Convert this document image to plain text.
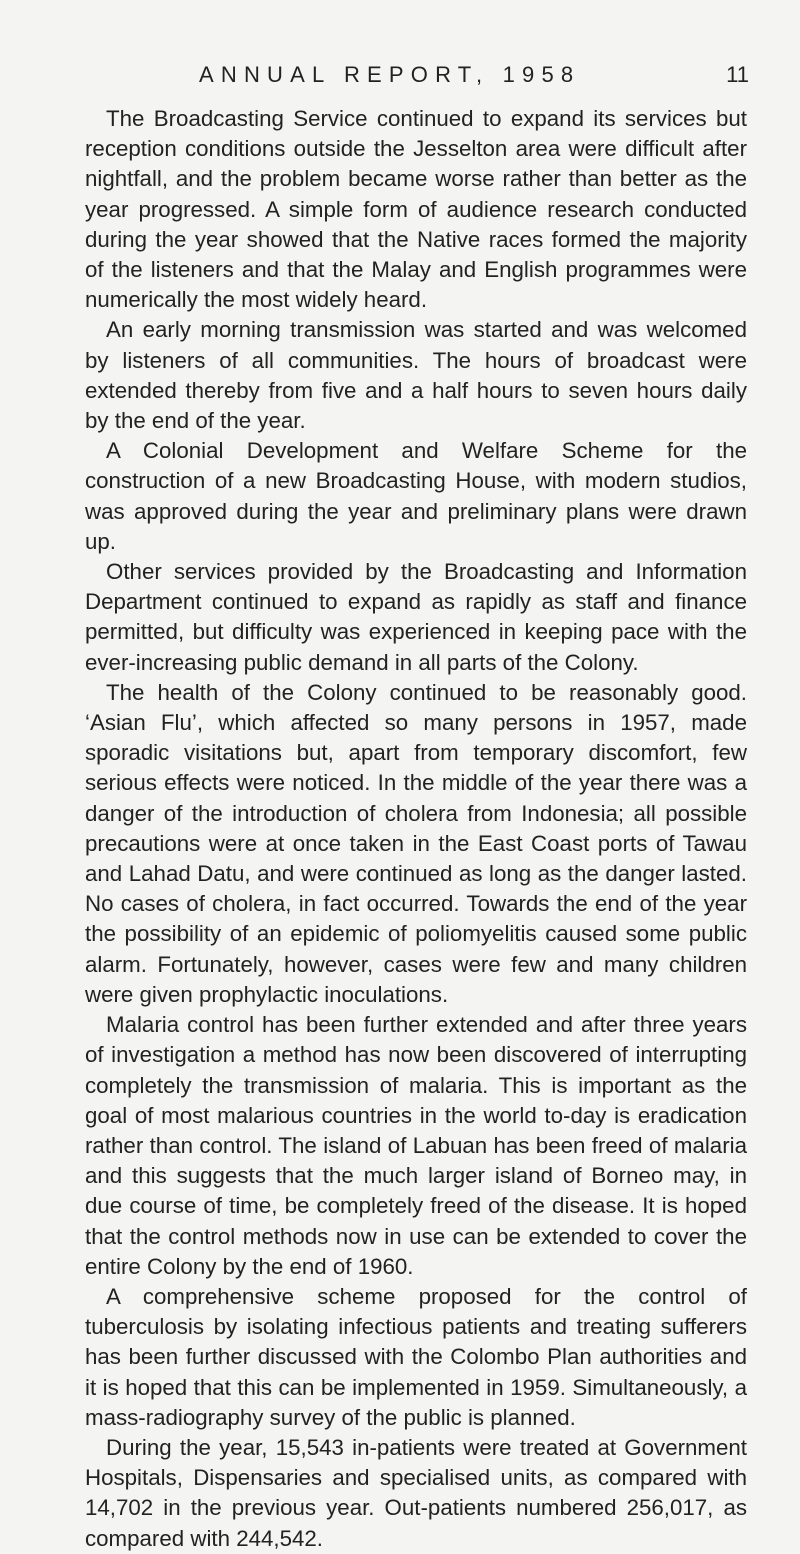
ANNUAL REPORT, 1958	11

The Broadcasting Service continued to expand its services but reception conditions outside the Jesselton area were difficult after nightfall, and the problem became worse rather than better as the year progressed. A simple form of audience research conducted during the year showed that the Native races formed the majority of the listeners and that the Malay and English programmes were numerically the most widely heard.

An early morning transmission was started and was welcomed by listeners of all communities. The hours of broadcast were extended thereby from five and a half hours to seven hours daily by the end of the year.

A Colonial Development and Welfare Scheme for the construction of a new Broadcasting House, with modern studios, was approved during the year and preliminary plans were drawn up.

Other services provided by the Broadcasting and Information Department continued to expand as rapidly as staff and finance permitted, but difficulty was experienced in keeping pace with the ever-increasing public demand in all parts of the Colony.

The health of the Colony continued to be reasonably good. ‘Asian Flu’, which affected so many persons in 1957, made sporadic visitations but, apart from temporary discomfort, few serious effects were noticed. In the middle of the year there was a danger of the introduction of cholera from Indonesia; all possible precautions were at once taken in the East Coast ports of Tawau and Lahad Datu, and were continued as long as the danger lasted. No cases of cholera, in fact occurred. Towards the end of the year the possibility of an epidemic of poliomyelitis caused some public alarm. Fortunately, however, cases were few and many children were given prophylactic inoculations.

Malaria control has been further extended and after three years of investigation a method has now been discovered of interrupting completely the transmission of malaria. This is important as the goal of most malarious countries in the world to-day is eradication rather than control. The island of Labuan has been freed of malaria and this suggests that the much larger island of Borneo may, in due course of time, be completely freed of the disease. It is hoped that the control methods now in use can be extended to cover the entire Colony by the end of 1960.

A comprehensive scheme proposed for the control of tuberculosis by isolating infectious patients and treating sufferers has been further discussed with the Colombo Plan authorities and it is hoped that this can be implemented in 1959. Simultaneously, a mass-radiography survey of the public is planned.

During the year, 15,543 in-patients were treated at Government Hospitals, Dispensaries and specialised units, as compared with 14,702 in the previous year. Out-patients numbered 256,017, as compared with 244,542.
